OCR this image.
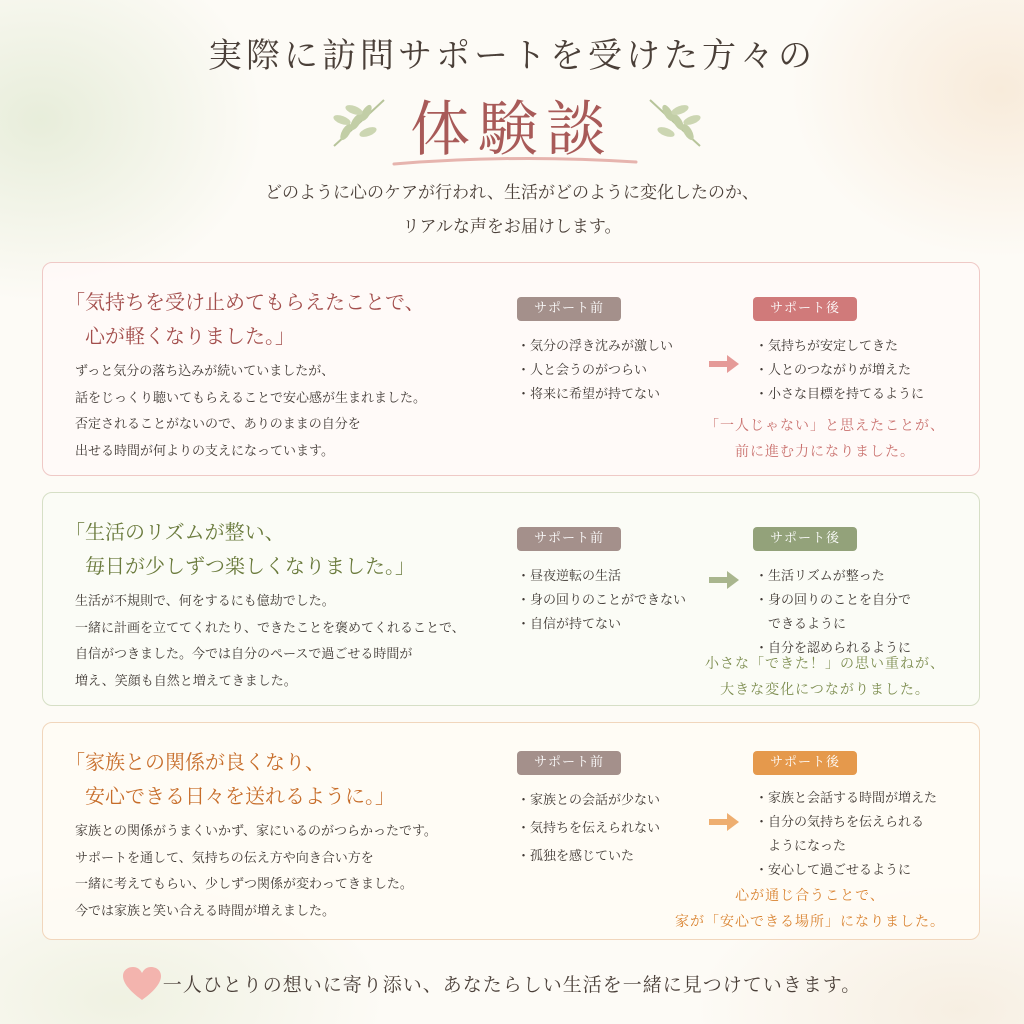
実際に訪問サポートを受けた方々の
体験談
どのように心のケアが行われ、生活がどのように変化したのか、
リアルな声をお届けします。
「気持ちを受け止めてもらえたことで、
　心が軽くなりました。」
ずっと気分の落ち込みが続いていましたが、
話をじっくり聴いてもらえることで安心感が生まれました。
否定されることがないので、ありのままの自分を
出せる時間が何よりの支えになっています。
サポート前
・気分の浮き沈みが激しい
・人と会うのがつらい
・将来に希望が持てない
サポート後
・気持ちが安定してきた
・人とのつながりが増えた
・小さな目標を持てるように
「一人じゃない」と思えたことが、
前に進む力になりました。
「生活のリズムが整い、
　毎日が少しずつ楽しくなりました。」
生活が不規則で、何をするにも億劫でした。
一緒に計画を立ててくれたり、できたことを褒めてくれることで、
自信がつきました。今では自分のペースで過ごせる時間が
増え、笑顔も自然と増えてきました。
サポート前
・昼夜逆転の生活
・身の回りのことができない
・自信が持てない
サポート後
・生活リズムが整った
・身の回りのことを自分で
　できるように
・自分を認められるように
小さな「できた！」の思い重ねが、
大きな変化につながりました。
「家族との関係が良くなり、
　安心できる日々を送れるように。」
家族との関係がうまくいかず、家にいるのがつらかったです。
サポートを通して、気持ちの伝え方や向き合い方を
一緒に考えてもらい、少しずつ関係が変わってきました。
今では家族と笑い合える時間が増えました。
サポート前
・家族との会話が少ない
・気持ちを伝えられない
・孤独を感じていた
サポート後
・家族と会話する時間が増えた
・自分の気持ちを伝えられる
　ようになった
・安心して過ごせるように
心が通じ合うことで、
家が「安心できる場所」になりました。
一人ひとりの想いに寄り添い、あなたらしい生活を一緒に見つけていきます。
